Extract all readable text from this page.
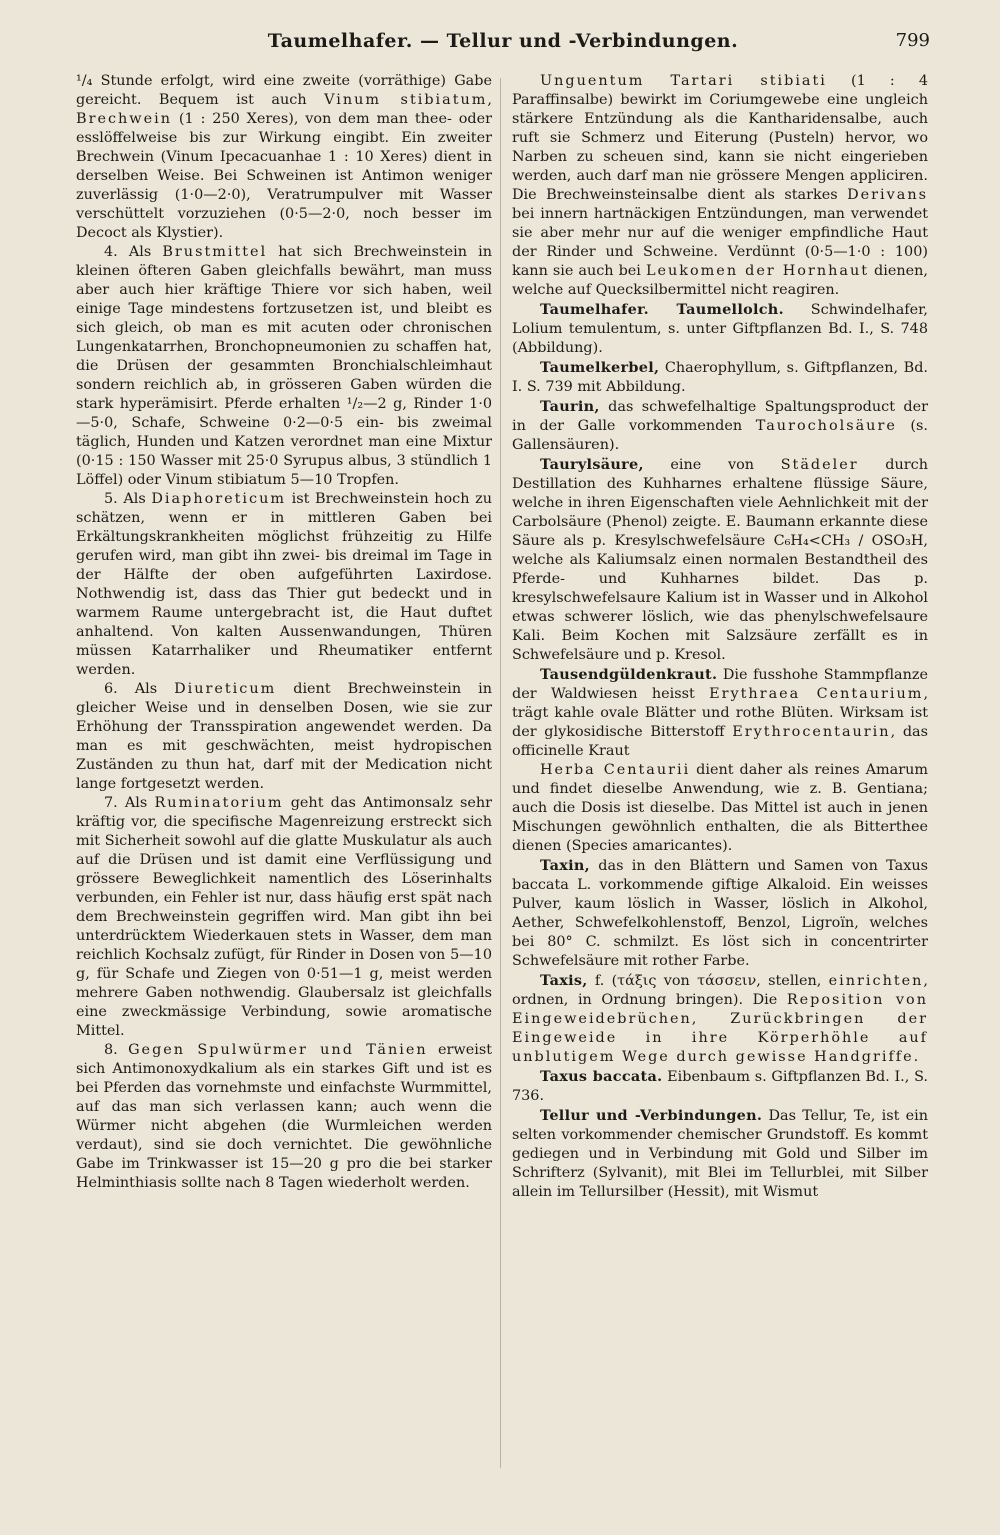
Taumelhafer. — Tellur und -Verbindungen.	799

¹/₄ Stunde erfolgt, wird eine zweite (vorräthige) Gabe gereicht. Bequem ist auch Vinum stibiatum, Brechwein (1 : 250 Xeres), von dem man thee- oder esslöffelweise bis zur Wirkung eingibt. Ein zweiter Brechwein (Vinum Ipecacuanhae 1 : 10 Xeres) dient in derselben Weise. Bei Schweinen ist Antimon weniger zuverlässig (1·0—2·0), Veratrumpulver mit Wasser verschüttelt vorzuziehen (0·5—2·0, noch besser im Decoct als Klystier).

4. Als Brustmittel hat sich Brechweinstein in kleinen öfteren Gaben gleichfalls bewährt, man muss aber auch hier kräftige Thiere vor sich haben, weil einige Tage mindestens fortzusetzen ist, und bleibt es sich gleich, ob man es mit acuten oder chronischen Lungenkatarrhen, Bronchopneumonien zu schaffen hat, die Drüsen der gesammten Bronchialschleimhaut sondern reichlich ab, in grösseren Gaben würden die stark hyperämisirt. Pferde erhalten ¹/₂—2 g, Rinder 1·0—5·0, Schafe, Schweine 0·2—0·5 ein- bis zweimal täglich, Hunden und Katzen verordnet man eine Mixtur (0·15 : 150 Wasser mit 25·0 Syrupus albus, 3 stündlich 1 Löffel) oder Vinum stibiatum 5—10 Tropfen.

5. Als Diaphoreticum ist Brechweinstein hoch zu schätzen, wenn er in mittleren Gaben bei Erkältungskrankheiten möglichst frühzeitig zu Hilfe gerufen wird, man gibt ihn zwei- bis dreimal im Tage in der Hälfte der oben aufgeführten Laxirdose. Nothwendig ist, dass das Thier gut bedeckt und in warmem Raume untergebracht ist, die Haut duftet anhaltend. Von kalten Aussenwandungen, Thüren müssen Katarrhaliker und Rheumatiker entfernt werden.

6. Als Diureticum dient Brechweinstein in gleicher Weise und in denselben Dosen, wie sie zur Erhöhung der Transspiration angewendet werden. Da man es mit geschwächten, meist hydropischen Zuständen zu thun hat, darf mit der Medication nicht lange fortgesetzt werden.

7. Als Ruminatorium geht das Antimonsalz sehr kräftig vor, die specifische Magenreizung erstreckt sich mit Sicherheit sowohl auf die glatte Muskulatur als auch auf die Drüsen und ist damit eine Verflüssigung und grössere Beweglichkeit namentlich des Löserinhalts verbunden, ein Fehler ist nur, dass häufig erst spät nach dem Brechweinstein gegriffen wird. Man gibt ihn bei unterdrücktem Wiederkauen stets in Wasser, dem man reichlich Kochsalz zufügt, für Rinder in Dosen von 5—10 g, für Schafe und Ziegen von 0·51—1 g, meist werden mehrere Gaben nothwendig. Glaubersalz ist gleichfalls eine zweckmässige Verbindung, sowie aromatische Mittel.

8. Gegen Spulwürmer und Tänien erweist sich Antimonoxydkalium als ein starkes Gift und ist es bei Pferden das vornehmste und einfachste Wurmmittel, auf das man sich verlassen kann; auch wenn die Würmer nicht abgehen (die Wurmleichen werden verdaut), sind sie doch vernichtet. Die gewöhnliche Gabe im Trinkwasser ist 15—20 g pro die bei starker Helminthiasis sollte nach 8 Tagen wiederholt werden.

Unguentum Tartari stibiati (1 : 4 Paraffinsalbe) bewirkt im Coriumgewebe eine ungleich stärkere Entzündung als die Kantharidensalbe, auch ruft sie Schmerz und Eiterung (Pusteln) hervor, wo Narben zu scheuen sind, kann sie nicht eingerieben werden, auch darf man nie grössere Mengen appliciren. Die Brechweinsteinsalbe dient als starkes Derivans bei innern hartnäckigen Entzündungen, man verwendet sie aber mehr nur auf die weniger empfindliche Haut der Rinder und Schweine. Verdünnt (0·5—1·0 : 100) kann sie auch bei Leukomen der Hornhaut dienen, welche auf Quecksilbermittel nicht reagiren.

Taumelhafer. Taumellolch. Schwindelhafer, Lolium temulentum, s. unter Giftpflanzen Bd. I., S. 748 (Abbildung).

Taumelkerbel, Chaerophyllum, s. Giftpflanzen, Bd. I. S. 739 mit Abbildung.

Taurin, das schwefelhaltige Spaltungsproduct der in der Galle vorkommenden Taurocholsäure (s. Gallensäuren).

Taurylsäure, eine von Städeler durch Destillation des Kuhharnes erhaltene flüssige Säure, welche in ihren Eigenschaften viele Aehnlichkeit mit der Carbolsäure (Phenol) zeigte. E. Baumann erkannte diese Säure als p. Kresylschwefelsäure C₆H₄<CH₃ / OSO₃H, welche als Kaliumsalz einen normalen Bestandtheil des Pferde- und Kuhharnes bildet. Das p. kresylschwefelsaure Kalium ist in Wasser und in Alkohol etwas schwerer löslich, wie das phenylschwefelsaure Kali. Beim Kochen mit Salzsäure zerfällt es in Schwefelsäure und p. Kresol.

Tausendgüldenkraut. Die fusshohe Stammpflanze der Waldwiesen heisst Erythraea Centaurium, trägt kahle ovale Blätter und rothe Blüten. Wirksam ist der glykosidische Bitterstoff Erythrocentaurin, das officinelle Kraut

Herba Centaurii dient daher als reines Amarum und findet dieselbe Anwendung, wie z. B. Gentiana; auch die Dosis ist dieselbe. Das Mittel ist auch in jenen Mischungen gewöhnlich enthalten, die als Bitterthee dienen (Species amaricantes).

Taxin, das in den Blättern und Samen von Taxus baccata L. vorkommende giftige Alkaloid. Ein weisses Pulver, kaum löslich in Wasser, löslich in Alkohol, Aether, Schwefelkohlenstoff, Benzol, Ligroïn, welches bei 80° C. schmilzt. Es löst sich in concentrirter Schwefelsäure mit rother Farbe.

Taxis, f. (τάξις von τάσσειν, stellen, einrichten, ordnen, in Ordnung bringen). Die Reposition von Eingeweidebrüchen, Zurückbringen der Eingeweide in ihre Körperhöhle auf unblutigem Wege durch gewisse Handgriffe.

Taxus baccata. Eibenbaum s. Giftpflanzen Bd. I., S. 736.

Tellur und -Verbindungen. Das Tellur, Te, ist ein selten vorkommender chemischer Grundstoff. Es kommt gediegen und in Verbindung mit Gold und Silber im Schrifterz (Sylvanit), mit Blei im Tellurblei, mit Silber allein im Tellursilber (Hessit), mit Wismut
